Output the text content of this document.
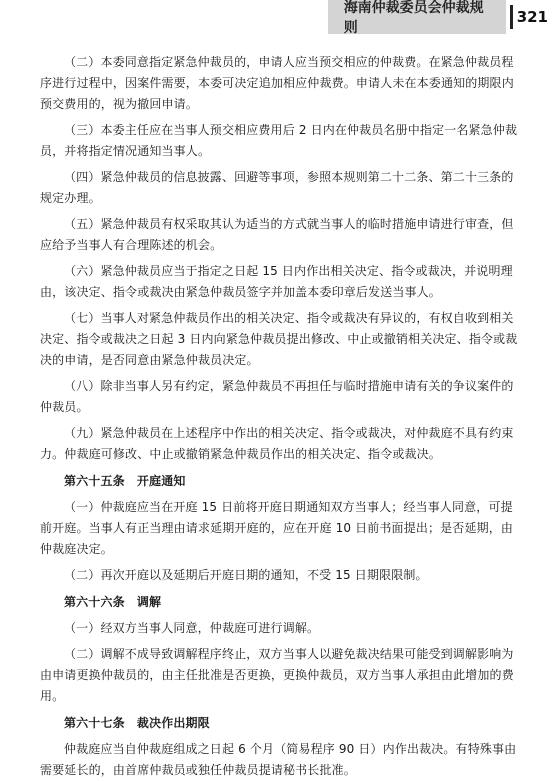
海南仲裁委员会仲裁规则
321

（二）本委同意指定紧急仲裁员的，申请人应当预交相应的仲裁费。在紧急仲裁员程序进行过程中，因案件需要，本委可决定追加相应仲裁费。申请人未在本委通知的期限内预交费用的，视为撤回申请。

（三）本委主任应在当事人预交相应费用后 2 日内在仲裁员名册中指定一名紧急仲裁员，并将指定情况通知当事人。

（四）紧急仲裁员的信息披露、回避等事项，参照本规则第二十二条、第二十三条的规定办理。

（五）紧急仲裁员有权采取其认为适当的方式就当事人的临时措施申请进行审查，但应给予当事人有合理陈述的机会。

（六）紧急仲裁员应当于指定之日起 15 日内作出相关决定、指令或裁决，并说明理由，该决定、指令或裁决由紧急仲裁员签字并加盖本委印章后发送当事人。

（七）当事人对紧急仲裁员作出的相关决定、指令或裁决有异议的，有权自收到相关决定、指令或裁决之日起 3 日内向紧急仲裁员提出修改、中止或撤销相关决定、指令或裁决的申请，是否同意由紧急仲裁员决定。

（八）除非当事人另有约定，紧急仲裁员不再担任与临时措施申请有关的争议案件的仲裁员。

（九）紧急仲裁员在上述程序中作出的相关决定、指令或裁决，对仲裁庭不具有约束力。仲裁庭可修改、中止或撤销紧急仲裁员作出的相关决定、指令或裁决。

第六十五条　开庭通知

（一）仲裁庭应当在开庭 15 日前将开庭日期通知双方当事人；经当事人同意，可提前开庭。当事人有正当理由请求延期开庭的，应在开庭 10 日前书面提出；是否延期，由仲裁庭决定。

（二）再次开庭以及延期后开庭日期的通知，不受 15 日期限限制。

第六十六条　调解

（一）经双方当事人同意，仲裁庭可进行调解。

（二）调解不成导致调解程序终止，双方当事人以避免裁决结果可能受到调解影响为由申请更换仲裁员的，由主任批准是否更换，更换仲裁员，双方当事人承担由此增加的费用。

第六十七条　裁决作出期限

仲裁庭应当自仲裁庭组成之日起 6 个月（简易程序 90 日）内作出裁决。有特殊事由需要延长的，由首席仲裁员或独任仲裁员提请秘书长批准。
